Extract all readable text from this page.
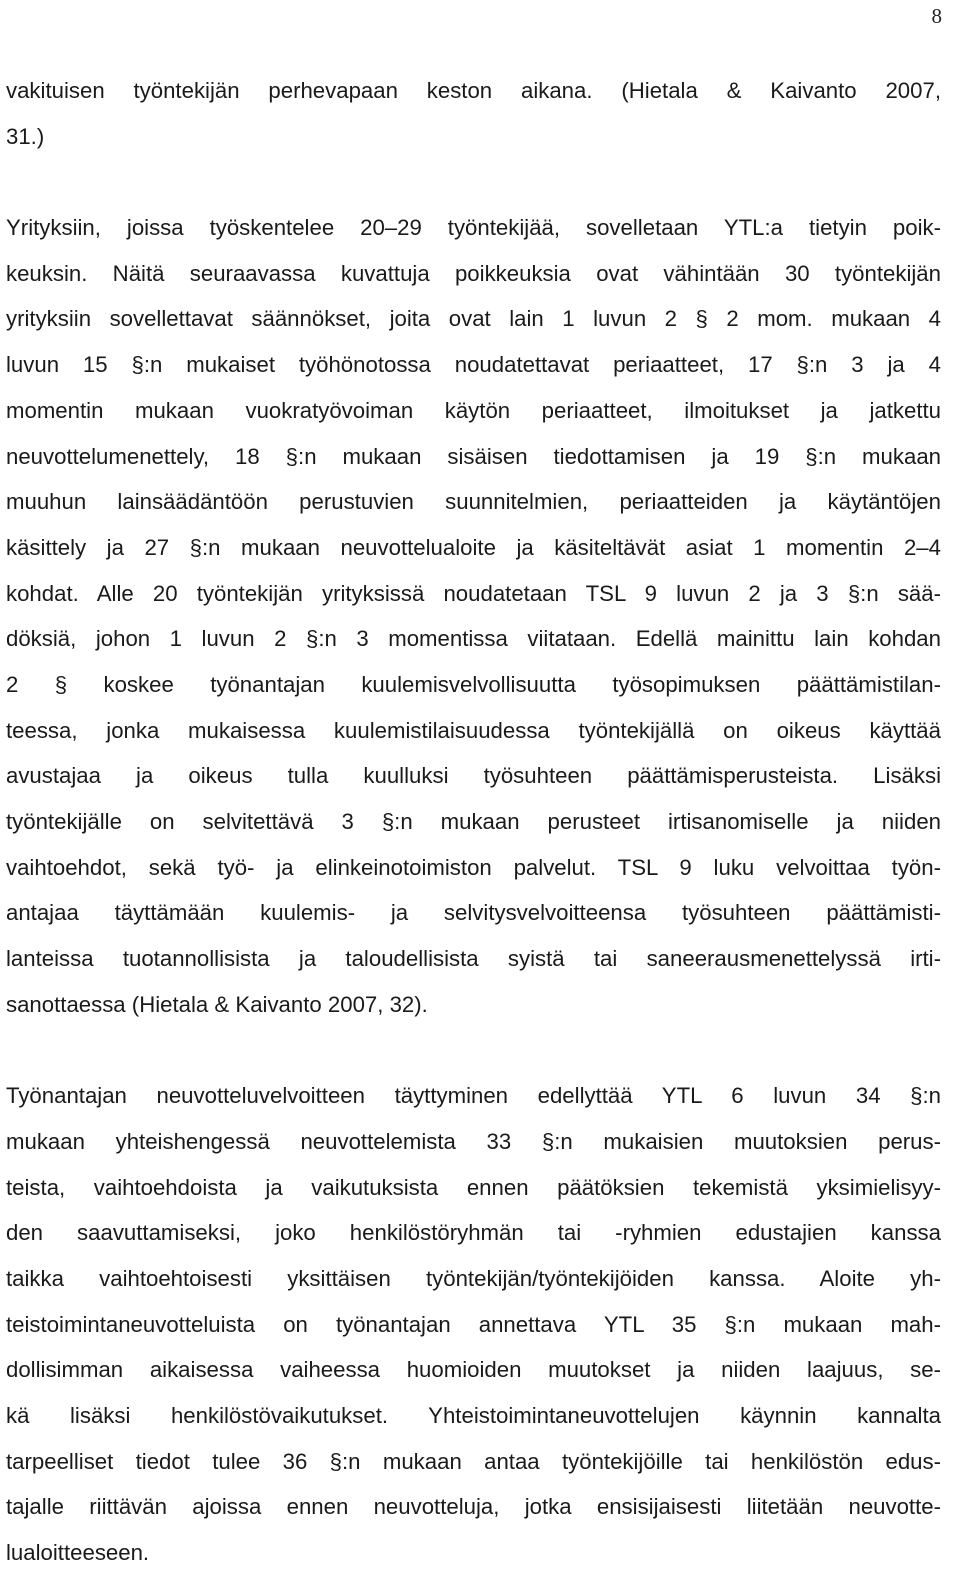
8
vakituisen työntekijän perhevapaan keston aikana. (Hietala & Kaivanto 2007,
31.)
Yrityksiin, joissa työskentelee 20–29 työntekijää, sovelletaan YTL:a tietyin poik-
keuksin. Näitä seuraavassa kuvattuja poikkeuksia ovat vähintään 30 työntekijän
yrityksiin sovellettavat säännökset, joita ovat lain 1 luvun 2 § 2 mom. mukaan 4
luvun 15 §:n mukaiset työhönotossa noudatettavat periaatteet, 17 §:n 3 ja 4
momentin mukaan vuokratyövoiman käytön periaatteet, ilmoitukset ja jatkettu
neuvottelumenettely, 18 §:n mukaan sisäisen tiedottamisen ja 19 §:n mukaan
muuhun lainsäädäntöön perustuvien suunnitelmien, periaatteiden ja käytäntöjen
käsittely ja 27 §:n mukaan neuvottelualoite ja käsiteltävät asiat 1 momentin 2–4
kohdat. Alle 20 työntekijän yrityksissä noudatetaan TSL 9 luvun 2 ja 3 §:n sää-
döksiä, johon 1 luvun 2 §:n 3 momentissa viitataan. Edellä mainittu lain kohdan
2 § koskee työnantajan kuulemisvelvollisuutta työsopimuksen päättämistilan-
teessa, jonka mukaisessa kuulemistilaisuudessa työntekijällä on oikeus käyttää
avustajaa ja oikeus tulla kuulluksi työsuhteen päättämisperusteista. Lisäksi
työntekijälle on selvitettävä 3 §:n mukaan perusteet irtisanomiselle ja niiden
vaihtoehdot, sekä työ- ja elinkeinotoimiston palvelut. TSL 9 luku velvoittaa työn-
antajaa täyttämään kuulemis- ja selvitysvelvoitteensa työsuhteen päättämisti-
lanteissa tuotannollisista ja taloudellisista syistä tai saneerausmenettelyssä irti-
sanottaessa (Hietala & Kaivanto 2007, 32).
Työnantajan neuvotteluvelvoitteen täyttyminen edellyttää YTL 6 luvun 34 §:n
mukaan yhteishengessä neuvottelemista 33 §:n mukaisien muutoksien perus-
teista, vaihtoehdoista ja vaikutuksista ennen päätöksien tekemistä yksimielisyy-
den saavuttamiseksi, joko henkilöstöryhmän tai -ryhmien edustajien kanssa
taikka vaihtoehtoisesti yksittäisen työntekijän/työntekijöiden kanssa. Aloite yh-
teistoimintaneuvotteluista on työnantajan annettava YTL 35 §:n mukaan mah-
dollisimman aikaisessa vaiheessa huomioiden muutokset ja niiden laajuus, se-
kä lisäksi henkilöstövaikutukset. Yhteistoimintaneuvottelujen käynnin kannalta
tarpeelliset tiedot tulee 36 §:n mukaan antaa työntekijöille tai henkilöstön edus-
tajalle riittävän ajoissa ennen neuvotteluja, jotka ensisijaisesti liitetään neuvotte-
lualoitteeseen.
